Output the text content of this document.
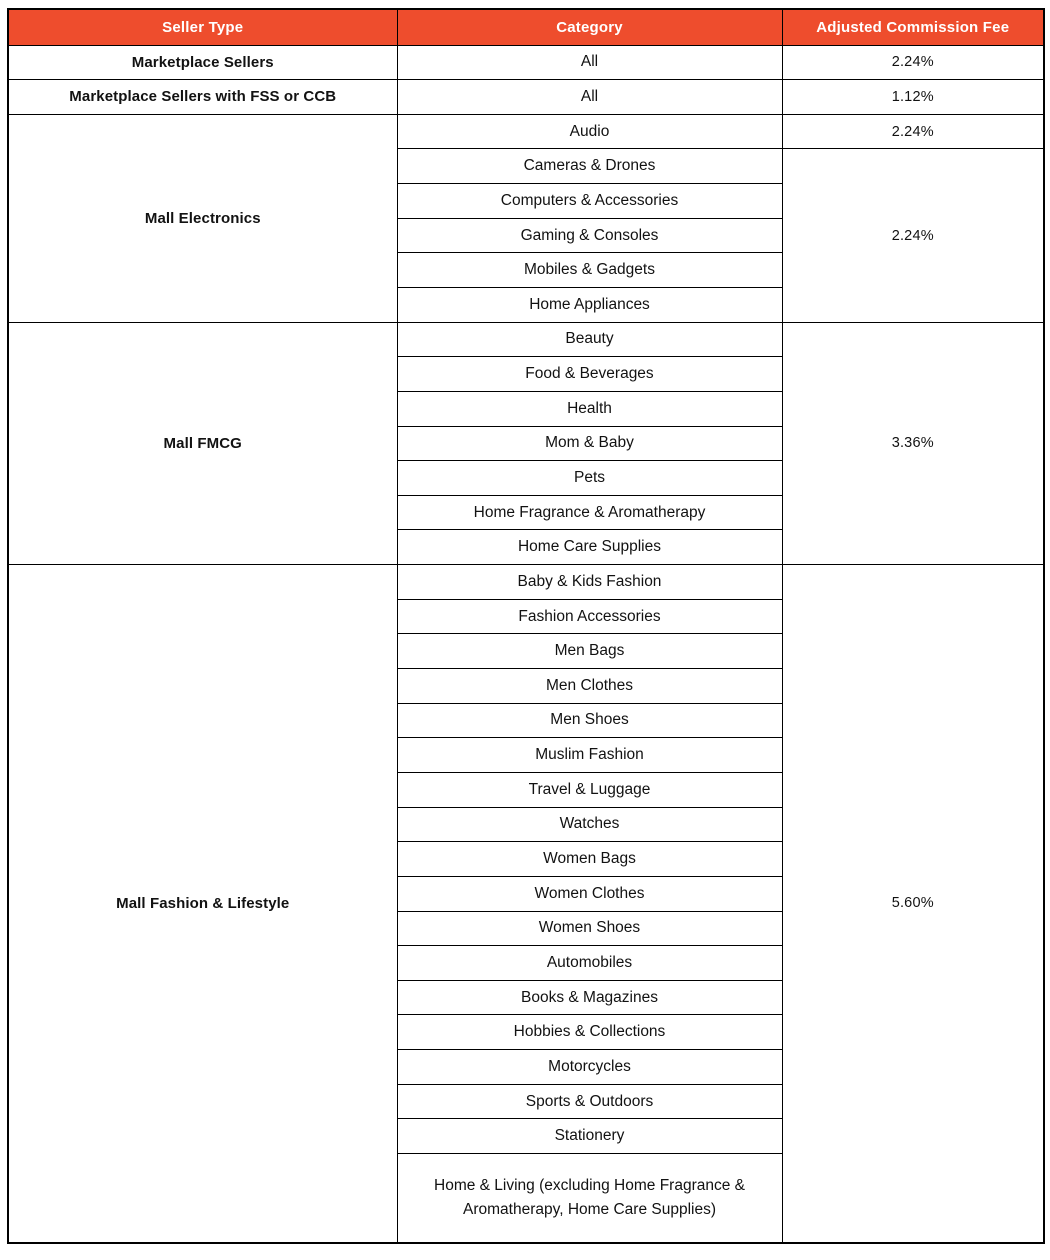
Seller Type	Category	Adjusted Commission Fee
Marketplace Sellers	All	2.24%
Marketplace Sellers with FSS or CCB	All	1.12%
Mall Electronics	Audio	2.24%
	Cameras & Drones	2.24%
	Computers & Accessories	
	Gaming & Consoles	
	Mobiles & Gadgets	
	Home Appliances	
Mall FMCG	Beauty	3.36%
	Food & Beverages	
	Health	
	Mom & Baby	
	Pets	
	Home Fragrance & Aromatherapy	
	Home Care Supplies	
Mall Fashion & Lifestyle	Baby & Kids Fashion	5.60%
	Fashion Accessories	
	Men Bags	
	Men Clothes	
	Men Shoes	
	Muslim Fashion	
	Travel & Luggage	
	Watches	
	Women Bags	
	Women Clothes	
	Women Shoes	
	Automobiles	
	Books & Magazines	
	Hobbies & Collections	
	Motorcycles	
	Sports & Outdoors	
	Stationery	
	Home & Living (excluding Home Fragrance & Aromatherapy, Home Care Supplies)	
